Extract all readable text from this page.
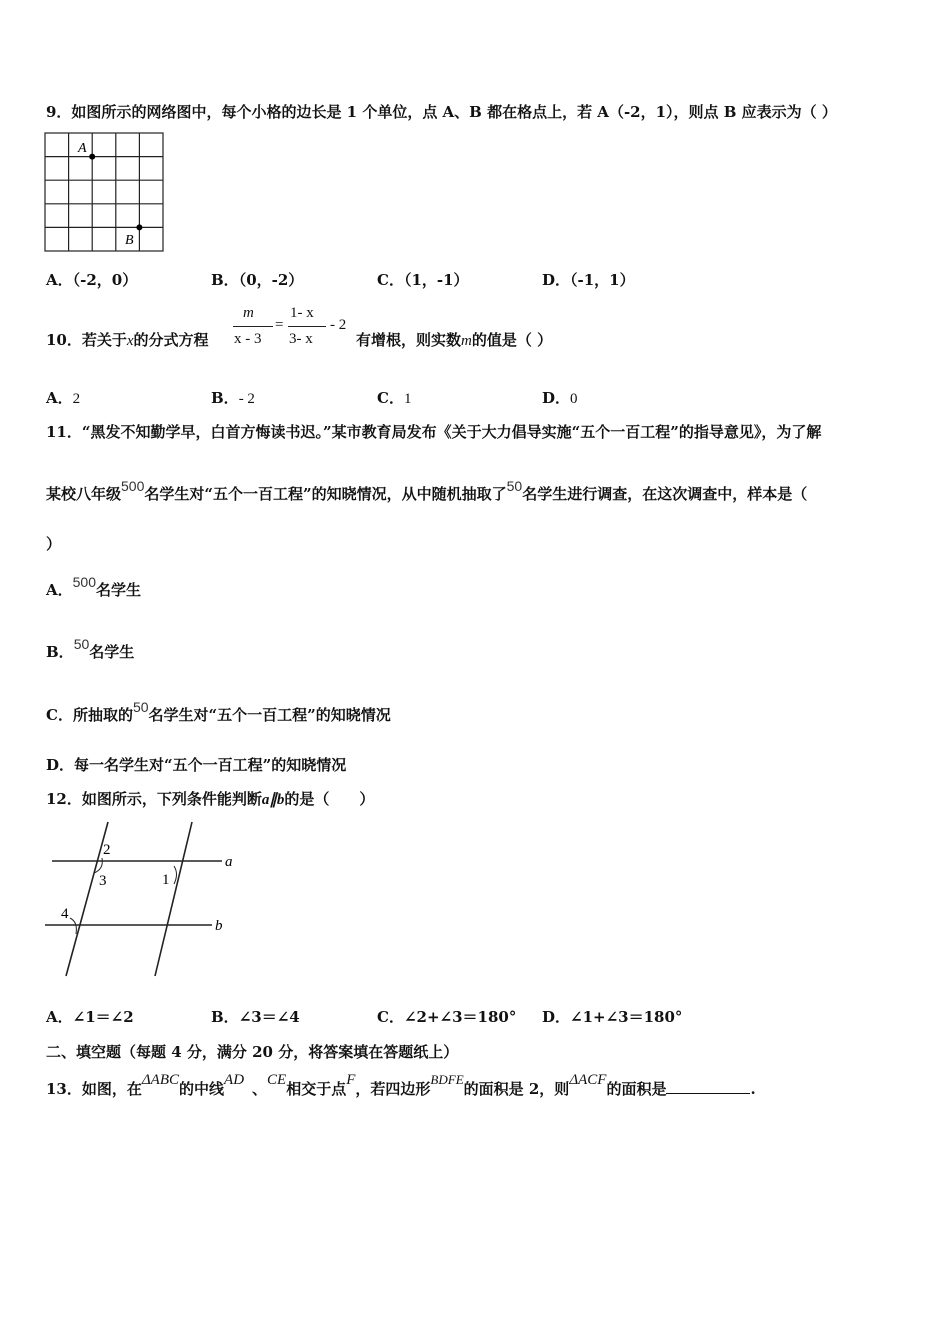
9．如图所示的网络图中，每个小格的边长是 1 个单位，点 A、B 都在格点上，若 A（-2，1），则点 B 应表示为（ ）
A
B
A．（-2，0）	B．（0，-2）	C．（1，-1）	D．（-1，1）
10．若关于x的分式方程
m
x - 3
=
1- x
3- x
- 2
有增根，则实数m的值是（ ）
A．2	B．- 2	C．1	D．0
11．“黑发不知勤学早，白首方悔读书迟。”某市教育局发布《关于大力倡导实施“五个一百工程”的指导意见》，为了解
某校八年级500名学生对“五个一百工程”的知晓情况，从中随机抽取了50名学生进行调查，在这次调查中，样本是（
）
A．500名学生
B．50名学生
C．所抽取的50名学生对“五个一百工程”的知晓情况
D．每一名学生对“五个一百工程”的知晓情况
12．如图所示，下列条件能判断a∥b的是（　　）
2
3	1
4
a
b
A．∠1＝∠2	B．∠3＝∠4	C．∠2+∠3＝180° D．∠1+∠3＝180°
二、填空题（每题 4 分，满分 20 分，将答案填在答题纸上）
13．如图，在ΔABC的中线AD 、CE相交于点F，若四边形BDFE的面积是 2，则ΔACF的面积是	.
